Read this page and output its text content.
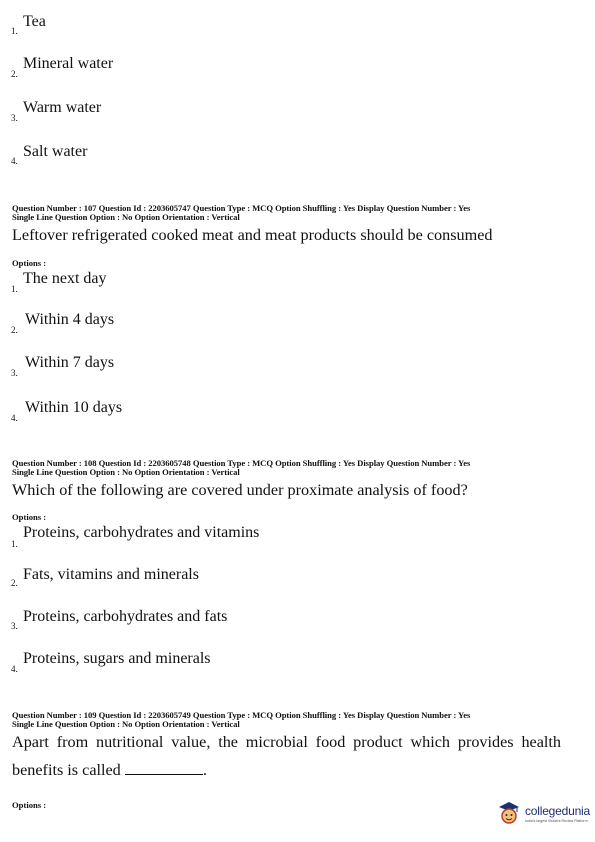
1.
Tea
2.
Mineral water
3.
Warm water
4.
Salt water
Question Number : 107 Question Id : 2203605747 Question Type : MCQ Option Shuffling : Yes Display Question Number : Yes
Single Line Question Option : No Option Orientation : Vertical
Leftover refrigerated cooked meat and meat products should be consumed
Options :
1.
The next day
2.
Within 4 days
3.
Within 7 days
4.
Within 10 days
Question Number : 108 Question Id : 2203605748 Question Type : MCQ Option Shuffling : Yes Display Question Number : Yes
Single Line Question Option : No Option Orientation : Vertical
Which of the following are covered under proximate analysis of food?
Options :
1.
Proteins, carbohydrates and vitamins
2. Fats, vitamins and minerals
3.
Proteins, carbohydrates and fats
4.
Proteins, sugars and minerals
Question Number : 109 Question Id : 2203605749 Question Type : MCQ Option Shuffling : Yes Display Question Number : Yes
Single Line Question Option : No Option Orientation : Vertical
Apart from nutritional value, the microbial food product which provides health
benefits is called	.
Options :	collegedunia
India's largest Student Review Platform
